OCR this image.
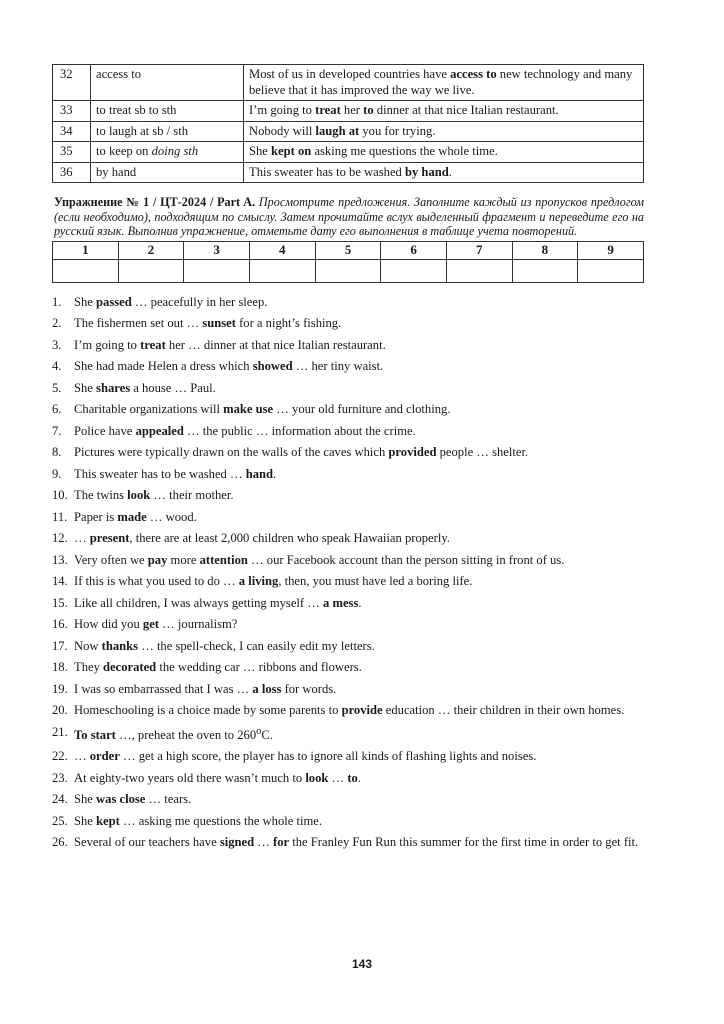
32	access to	Most of us in developed countries have access to new technology and many believe that it has improved the way we live.
33	to treat sb to sth	I’m going to treat her to dinner at that nice Italian restaurant.
34	to laugh at sb / sth	Nobody will laugh at you for trying.
35	to keep on doing sth	She kept on asking me questions the whole time.
36	by hand	This sweater has to be washed by hand.
Упражнение № 1 / ЦТ-2024 / Part A. Просмотрите предложения. Заполните каждый из пропусков предлогом (если необходимо), подходящим по смыслу. Затем прочитайте вслух выделенный фрагмент и переведите его на русский язык. Выполнив упражнение, отметьте дату его выполнения в таблице учета повторений.
1	2	3	4	5	6	7	8	9

1. She passed … peacefully in her sleep.
2. The fishermen set out … sunset for a night’s fishing.
3. I’m going to treat her … dinner at that nice Italian restaurant.
4. She had made Helen a dress which showed … her tiny waist.
5. She shares a house … Paul.
6. Charitable organizations will make use … your old furniture and clothing.
7. Police have appealed … the public … information about the crime.
8. Pictures were typically drawn on the walls of the caves which provided people … shelter.
9. This sweater has to be washed … hand.
10. The twins look … their mother.
11. Paper is made … wood.
12. … present, there are at least 2,000 children who speak Hawaiian properly.
13. Very often we pay more attention … our Facebook account than the person sitting in front of us.
14. If this is what you used to do … a living, then, you must have led a boring life.
15. Like all children, I was always getting myself … a mess.
16. How did you get … journalism?
17. Now thanks … the spell-check, I can easily edit my letters.
18. They decorated the wedding car … ribbons and flowers.
19. I was so embarrassed that I was … a loss for words.
20. Homeschooling is a choice made by some parents to provide education … their children in their own homes.
21. To start …, preheat the oven to 260$^o$C.
22. … order … get a high score, the player has to ignore all kinds of flashing lights and noises.
23. At eighty-two years old there wasn’t much to look … to.
24. She was close … tears.
25. She kept … asking me questions the whole time.
26. Several of our teachers have signed … for the Franley Fun Run this summer for the first time in order to get fit.
143
